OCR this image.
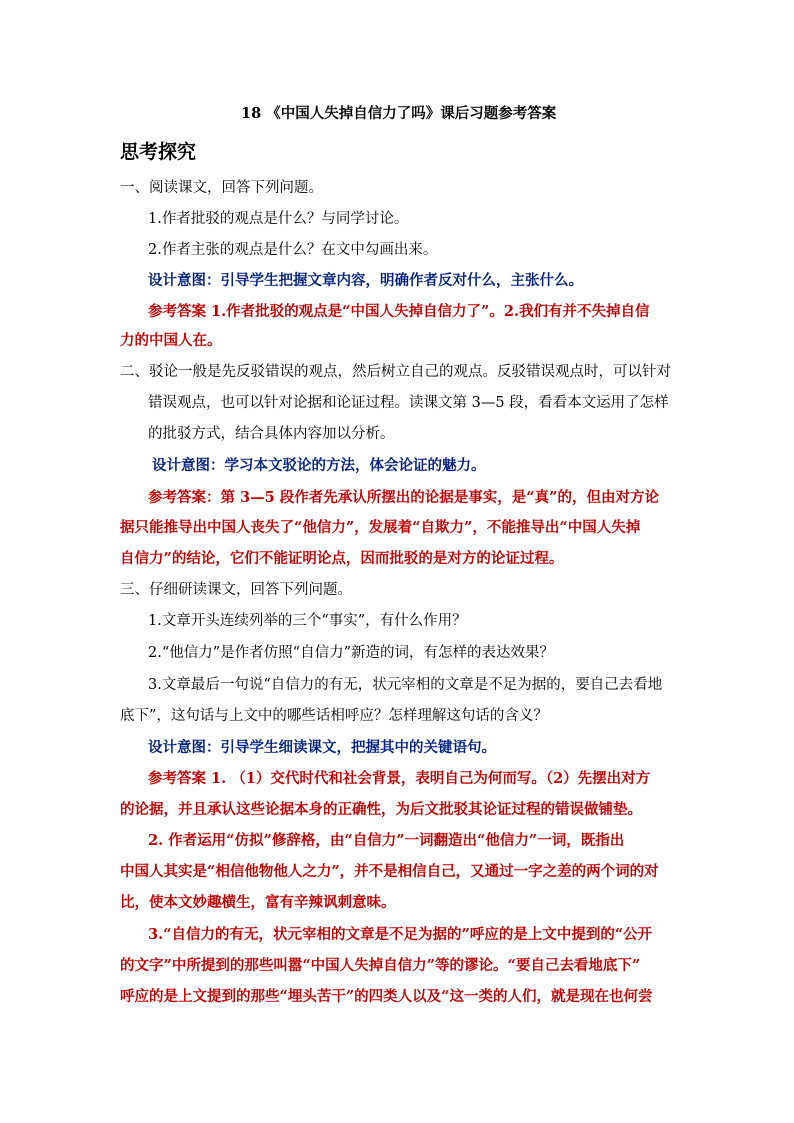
18 《中国人失掉自信力了吗》课后习题参考答案
思考探究
一、阅读课文，回答下列问题。
1.作者批驳的观点是什么？与同学讨论。
2.作者主张的观点是什么？在文中勾画出来。
设计意图：引导学生把握文章内容，明确作者反对什么，主张什么。
参考答案 1.作者批驳的观点是“中国人失掉自信力了”。2.我们有并不失掉自信
力的中国人在。
二、驳论一般是先反驳错误的观点，然后树立自己的观点。反驳错误观点时，可以针对
错误观点，也可以针对论据和论证过程。读课文第 3—5 段，看看本文运用了怎样
的批驳方式，结合具体内容加以分析。
设计意图：学习本文驳论的方法，体会论证的魅力。
参考答案：第 3—5 段作者先承认所摆出的论据是事实，是“真”的，但由对方论
据只能推导出中国人丧失了“他信力”，发展着“自欺力”，不能推导出“中国人失掉
自信力”的结论，它们不能证明论点，因而批驳的是对方的论证过程。
三、仔细研读课文，回答下列问题。
1.文章开头连续列举的三个“事实”，有什么作用？
2.“他信力”是作者仿照“自信力”新造的词，有怎样的表达效果？
3.文章最后一句说“自信力的有无，状元宰相的文章是不足为据的，要自己去看地
底下”，这句话与上文中的哪些话相呼应？怎样理解这句话的含义？
设计意图：引导学生细读课文，把握其中的关键语句。
参考答案 1. （1）交代时代和社会背景，表明自己为何而写。（2）先摆出对方
的论据，并且承认这些论据本身的正确性，为后文批驳其论证过程的错误做铺垫。
2. 作者运用“仿拟”修辞格，由“自信力”一词翻造出“他信力”一词，既指出
中国人其实是“相信他物他人之力”，并不是相信自己，又通过一字之差的两个词的对
比，使本文妙趣横生，富有辛辣讽刺意味。
3.“自信力的有无，状元宰相的文章是不足为据的”呼应的是上文中提到的“公开
的文字”中所提到的那些叫嚣“中国人失掉自信力”等的谬论。“要自己去看地底下”
呼应的是上文提到的那些“埋头苦干”的四类人以及“这一类的人们，就是现在也何尝
